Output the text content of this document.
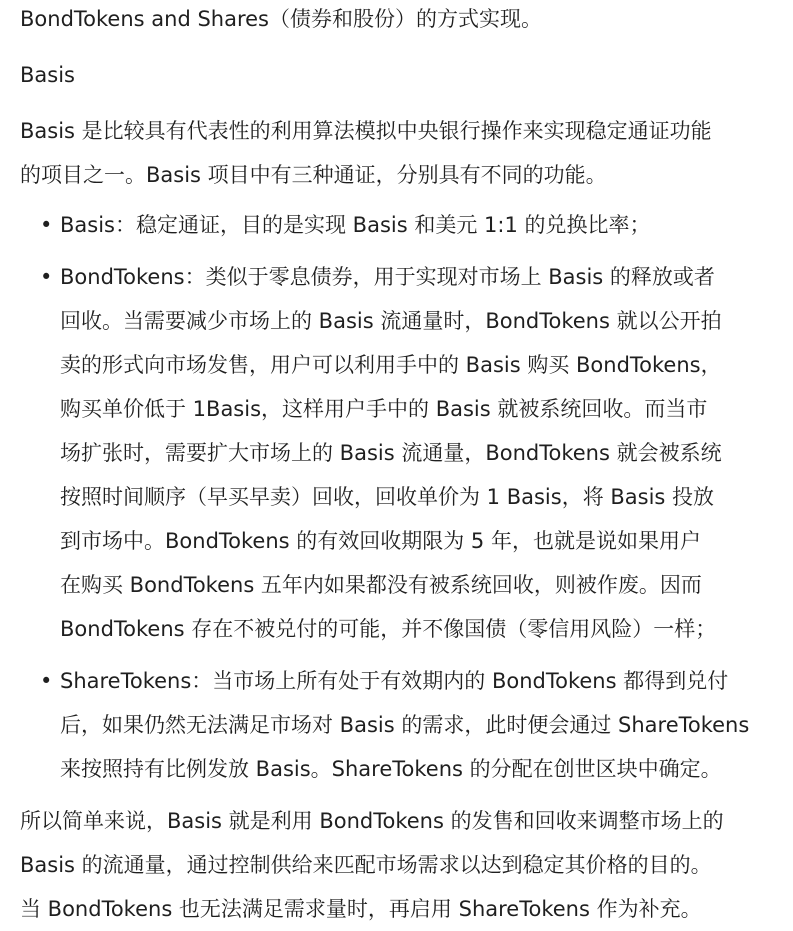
BondTokens and Shares（债券和股份）的方式实现。
Basis
Basis 是比较具有代表性的利用算法模拟中央银行操作来实现稳定通证功能
的项目之一。Basis 项目中有三种通证，分别具有不同的功能。
• Basis：稳定通证，目的是实现 Basis 和美元 1:1 的兑换比率；
• BondTokens：类似于零息债券，用于实现对市场上 Basis 的释放或者
回收。当需要减少市场上的 Basis 流通量时，BondTokens 就以公开拍
卖的形式向市场发售，用户可以利用手中的 Basis 购买 BondTokens，
购买单价低于 1Basis，这样用户手中的 Basis 就被系统回收。而当市
场扩张时，需要扩大市场上的 Basis 流通量，BondTokens 就会被系统
按照时间顺序（早买早卖）回收，回收单价为 1 Basis，将 Basis 投放
到市场中。BondTokens 的有效回收期限为 5 年，也就是说如果用户
在购买 BondTokens 五年内如果都没有被系统回收，则被作废。因而
BondTokens 存在不被兑付的可能，并不像国债（零信用风险）一样；
• ShareTokens：当市场上所有处于有效期内的 BondTokens 都得到兑付
后，如果仍然无法满足市场对 Basis 的需求，此时便会通过 ShareTokens
来按照持有比例发放 Basis。ShareTokens 的分配在创世区块中确定。
所以简单来说，Basis 就是利用 BondTokens 的发售和回收来调整市场上的
Basis 的流通量，通过控制供给来匹配市场需求以达到稳定其价格的目的。
当 BondTokens 也无法满足需求量时，再启用 ShareTokens 作为补充。
